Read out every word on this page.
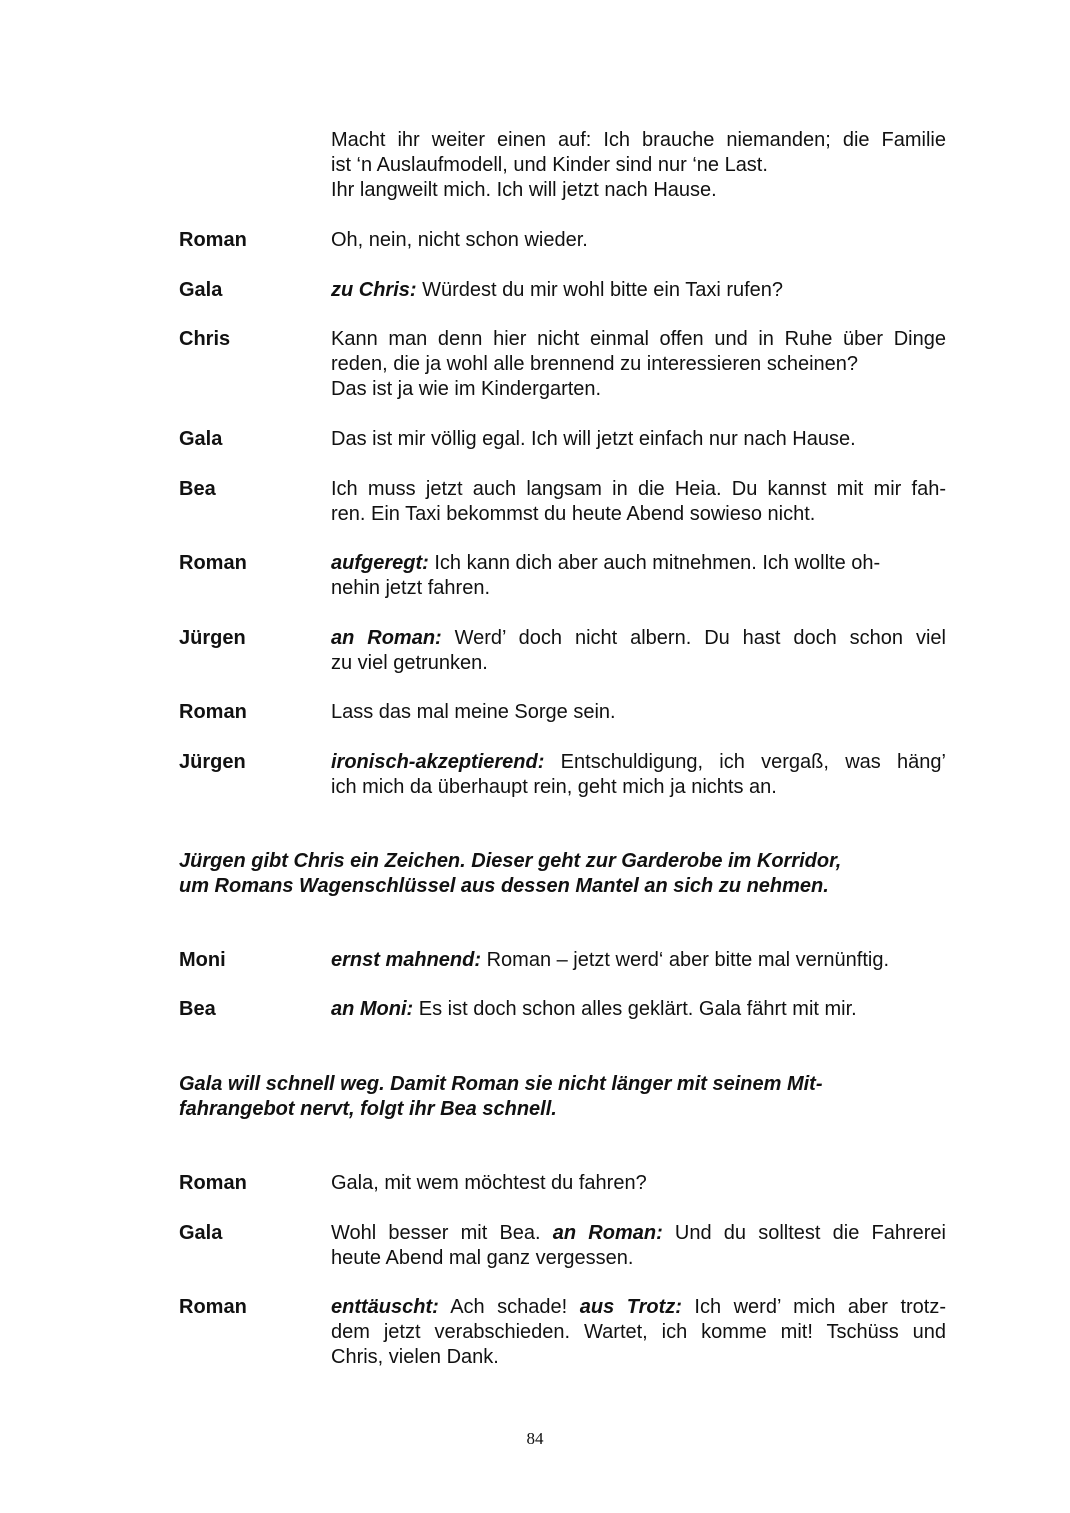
Macht ihr weiter einen auf: Ich brauche niemanden; die Familie
ist ‘n Auslaufmodell, und Kinder sind nur ‘ne Last.
Ihr langweilt mich. Ich will jetzt nach Hause.
Roman	Oh, nein, nicht schon wieder.
Gala	zu Chris: Würdest du mir wohl bitte ein Taxi rufen?
Chris	Kann man denn hier nicht einmal offen und in Ruhe über Dinge
reden, die ja wohl alle brennend zu interessieren scheinen?
Das ist ja wie im Kindergarten.
Gala	Das ist mir völlig egal. Ich will jetzt einfach nur nach Hause.
Bea	Ich muss jetzt auch langsam in die Heia. Du kannst mit mir fah-
ren. Ein Taxi bekommst du heute Abend sowieso nicht.
Roman	aufgeregt: Ich kann dich aber auch mitnehmen. Ich wollte oh-
nehin jetzt fahren.
Jürgen	an Roman: Werd’ doch nicht albern. Du hast doch schon viel
zu viel getrunken.
Roman	Lass das mal meine Sorge sein.
Jürgen	ironisch-akzeptierend: Entschuldigung, ich vergaß, was häng’
ich mich da überhaupt rein, geht mich ja nichts an.
Jürgen gibt Chris ein Zeichen. Dieser geht zur Garderobe im Korridor,
um Romans Wagenschlüssel aus dessen Mantel an sich zu nehmen.
Moni	ernst mahnend: Roman – jetzt werd‘ aber bitte mal vernünftig.
Bea	an Moni: Es ist doch schon alles geklärt. Gala fährt mit mir.
Gala will schnell weg. Damit Roman sie nicht länger mit seinem Mit-
fahrangebot nervt, folgt ihr Bea schnell.
Roman	Gala, mit wem möchtest du fahren?
Gala	Wohl besser mit Bea. an Roman: Und du solltest die Fahrerei
heute Abend mal ganz vergessen.
Roman	enttäuscht: Ach schade! aus Trotz: Ich werd’ mich aber trotz-
dem jetzt verabschieden. Wartet, ich komme mit! Tschüss und
Chris, vielen Dank.
84
